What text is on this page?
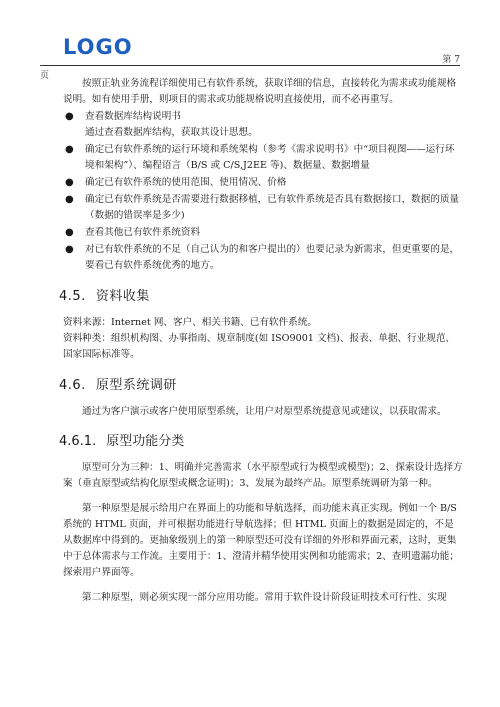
LOGO
第 7
页

按照正轨业务流程详细使用已有软件系统，获取详细的信息，直接转化为需求或功能规格说明。如有使用手册，则项目的需求或功能规格说明直接使用，而不必再重写。

● 查看数据库结构说明书
通过查看数据库结构，获取其设计思想。
● 确定已有软件系统的运行环境和系统架构（参考《需求说明书》中“项目视图——运行环境和架构”）、编程语言（B/S 或 C/S,J2EE 等)、数据量、数据增量
● 确定已有软件系统的使用范围、使用情况、价格
● 确定已有软件系统是否需要进行数据移植，已有软件系统是否具有数据接口，数据的质量（数据的错误率是多少)
● 查看其他已有软件系统资料
● 对已有软件系统的不足（自己认为的和客户提出的）也要记录为新需求，但更重要的是，要看已有软件系统优秀的地方。
4.5. 资料收集

资料来源：Internet 网、客户、相关书籍、已有软件系统。

资料种类：组织机构图、办事指南、规章制度(如 ISO9001 文档)、报表、单据、行业规范、国家国际标准等。

4.6. 原型系统调研

通过为客户演示或客户使用原型系统，让用户对原型系统提意见或建议，以获取需求。

4.6.1. 原型功能分类

原型可分为三种：1、明确并完善需求（水平原型或行为模型或模型)；2、探索设计选择方案（垂直原型或结构化原型或概念证明)；3、发展为最终产品。原型系统调研为第一种。

第一种原型是展示给用户在界面上的功能和导航选择，而功能未真正实现。例如一个 B/S 系统的 HTML 页面，并可根据功能进行导航选择；但 HTML 页面上的数据是固定的，不是从数据库中得到的。更抽象级别上的第一种原型还可没有详细的外形和界面元素，这时，更集中于总体需求与工作流。主要用于：1、澄清并精华使用实例和功能需求；2、查明遗漏功能；探索用户界面等。

第二种原型，则必须实现一部分应用功能。常用于软件设计阶段证明技术可行性、实现
